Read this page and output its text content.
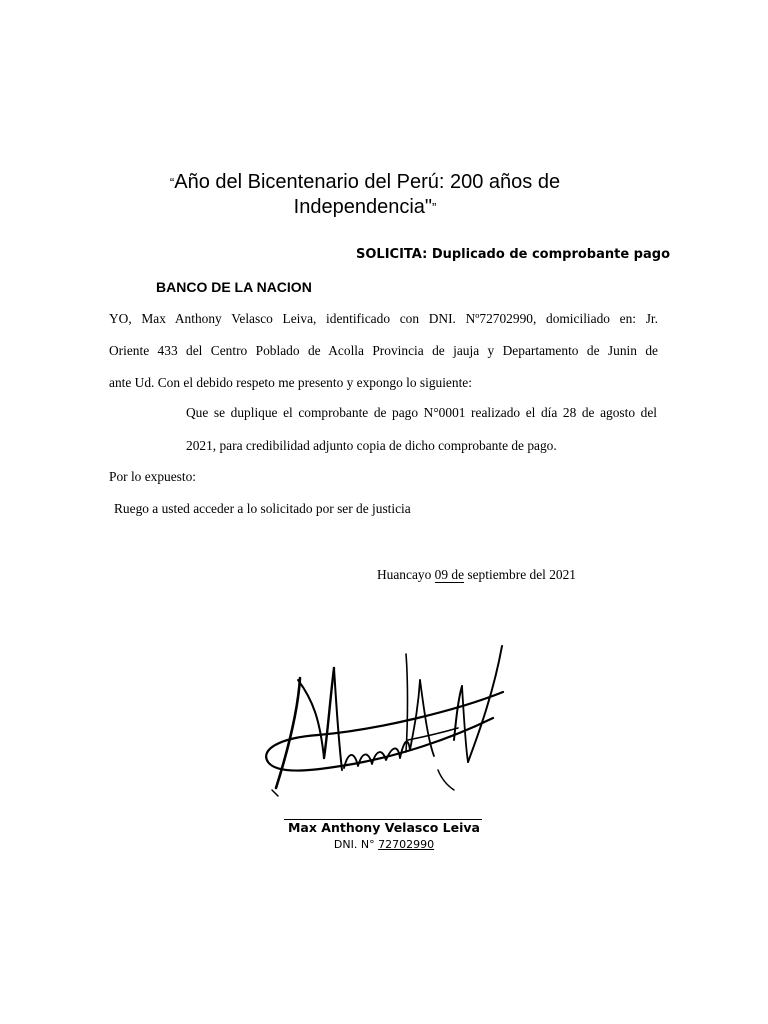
“Año del Bicentenario del Perú: 200 años de
Independencia"”
SOLICITA: Duplicado de comprobante pago
BANCO DE LA NACION
YO, Max Anthony Velasco Leiva, identificado con DNI. Nº72702990, domiciliado en: Jr.
Oriente 433 del Centro Poblado de Acolla Provincia de jauja y Departamento de Junin de
ante Ud. Con el debido respeto me presento y expongo lo siguiente:
Que se duplique el comprobante de pago N°0001 realizado el día 28 de agosto del
2021, para credibilidad adjunto copia de dicho comprobante de pago.
Por lo expuesto:
Ruego a usted acceder a lo solicitado por ser de justicia
Huancayo 09 de septiembre del 2021
Max Anthony Velasco Leiva
DNI. N° 72702990
